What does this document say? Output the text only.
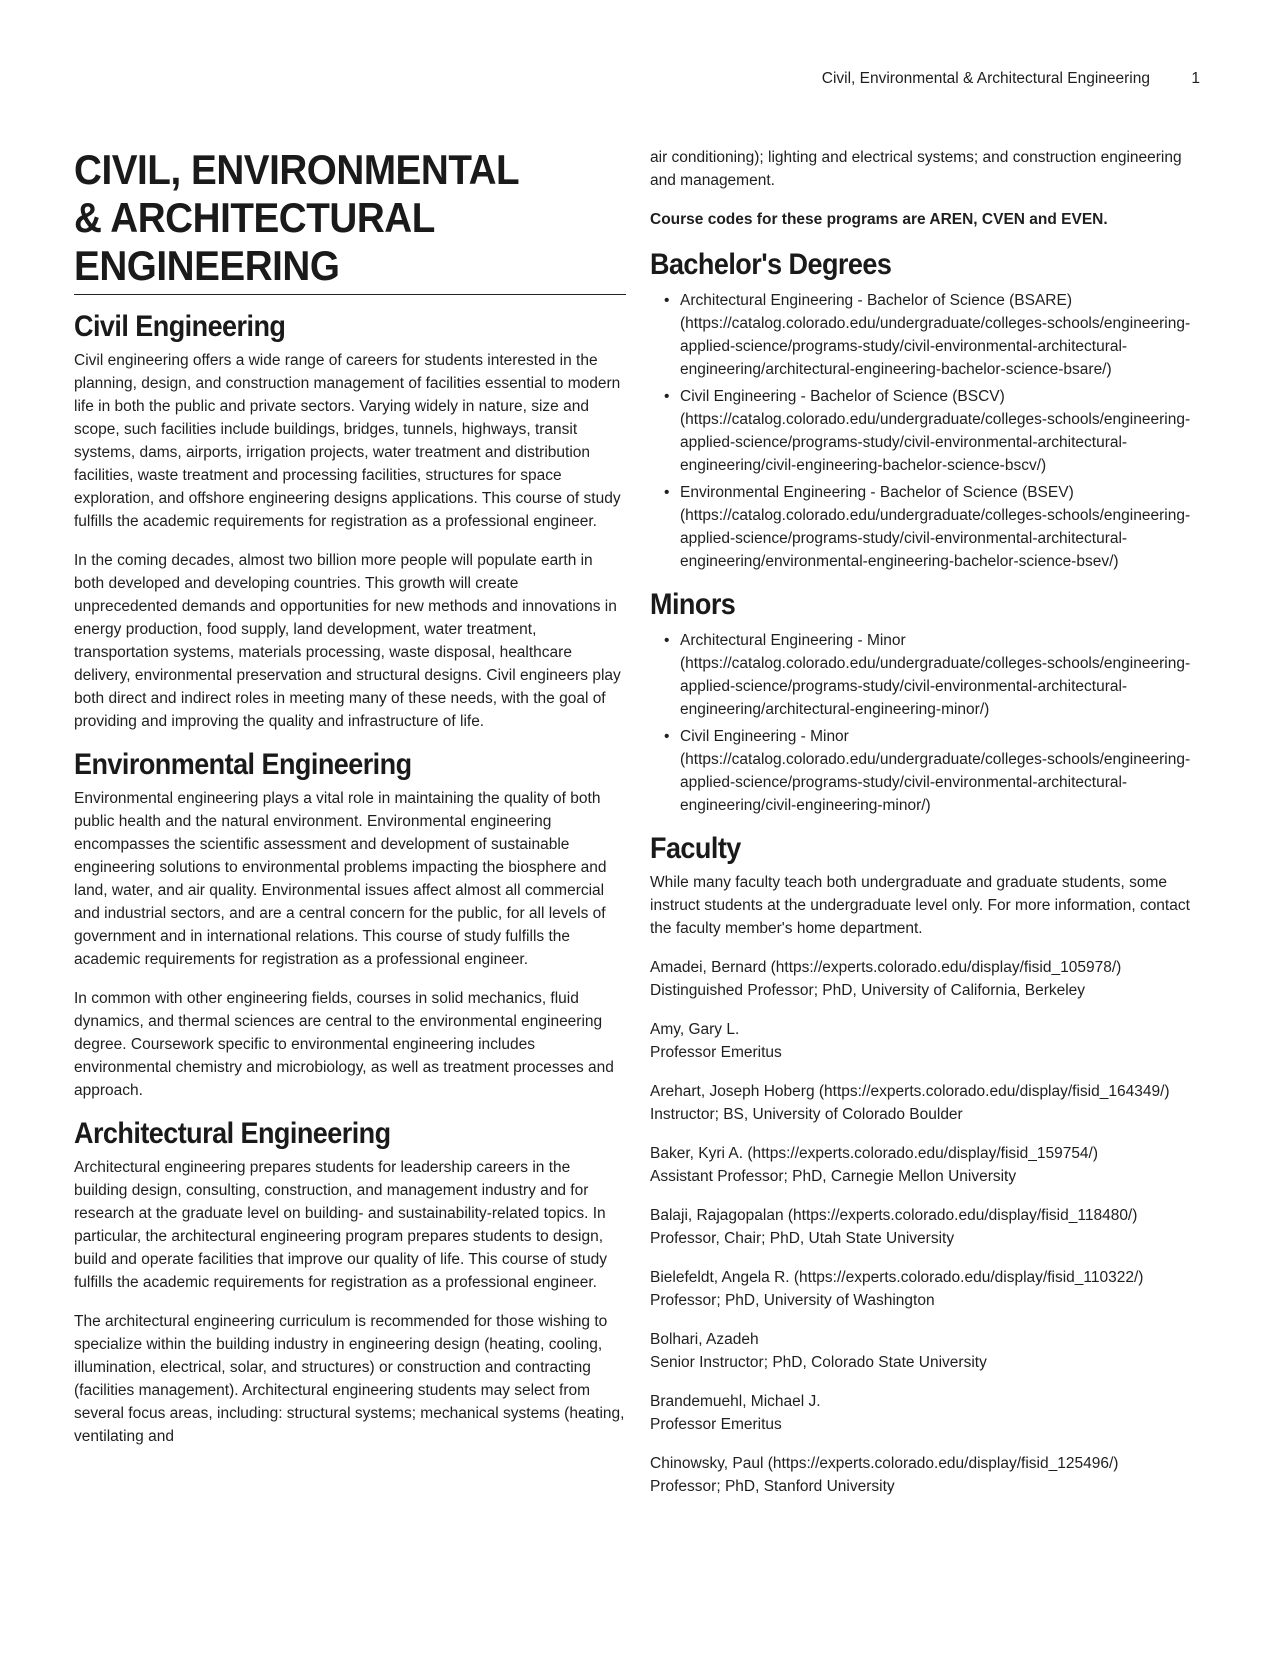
Civil, Environmental & Architectural Engineering	1
CIVIL, ENVIRONMENTAL
& ARCHITECTURAL
ENGINEERING
Civil Engineering

Civil engineering offers a wide range of careers for students interested in the planning, design, and construction management of facilities essential to modern life in both the public and private sectors. Varying widely in nature, size and scope, such facilities include buildings, bridges, tunnels, highways, transit systems, dams, airports, irrigation projects, water treatment and distribution facilities, waste treatment and processing facilities, structures for space exploration, and offshore engineering designs applications. This course of study fulfills the academic requirements for registration as a professional engineer.

In the coming decades, almost two billion more people will populate earth in both developed and developing countries. This growth will create unprecedented demands and opportunities for new methods and innovations in energy production, food supply, land development, water treatment, transportation systems, materials processing, waste disposal, healthcare delivery, environmental preservation and structural designs. Civil engineers play both direct and indirect roles in meeting many of these needs, with the goal of providing and improving the quality and infrastructure of life.

Environmental Engineering

Environmental engineering plays a vital role in maintaining the quality of both public health and the natural environment. Environmental engineering encompasses the scientific assessment and development of sustainable engineering solutions to environmental problems impacting the biosphere and land, water, and air quality. Environmental issues affect almost all commercial and industrial sectors, and are a central concern for the public, for all levels of government and in international relations. This course of study fulfills the academic requirements for registration as a professional engineer.

In common with other engineering fields, courses in solid mechanics, fluid dynamics, and thermal sciences are central to the environmental engineering degree. Coursework specific to environmental engineering includes environmental chemistry and microbiology, as well as treatment processes and approach.

Architectural Engineering

Architectural engineering prepares students for leadership careers in the building design, consulting, construction, and management industry and for research at the graduate level on building- and sustainability-related topics. In particular, the architectural engineering program prepares students to design, build and operate facilities that improve our quality of life. This course of study fulfills the academic requirements for registration as a professional engineer.

The architectural engineering curriculum is recommended for those wishing to specialize within the building industry in engineering design (heating, cooling, illumination, electrical, solar, and structures) or construction and contracting (facilities management). Architectural engineering students may select from several focus areas, including: structural systems; mechanical systems (heating, ventilating and

air conditioning); lighting and electrical systems; and construction engineering and management.

Course codes for these programs are AREN, CVEN and EVEN.

Bachelor's Degrees
• Architectural Engineering - Bachelor of Science (BSARE) (https://catalog.colorado.edu/undergraduate/colleges-schools/engineering-applied-science/programs-study/civil-environmental-architectural-engineering/architectural-engineering-bachelor-science-bsare/)
• Civil Engineering - Bachelor of Science (BSCV) (https://catalog.colorado.edu/undergraduate/colleges-schools/engineering-applied-science/programs-study/civil-environmental-architectural-engineering/civil-engineering-bachelor-science-bscv/)
• Environmental Engineering - Bachelor of Science (BSEV) (https://catalog.colorado.edu/undergraduate/colleges-schools/engineering-applied-science/programs-study/civil-environmental-architectural-engineering/environmental-engineering-bachelor-science-bsev/)
Minors
• Architectural Engineering - Minor (https://catalog.colorado.edu/undergraduate/colleges-schools/engineering-applied-science/programs-study/civil-environmental-architectural-engineering/architectural-engineering-minor/)
• Civil Engineering - Minor (https://catalog.colorado.edu/undergraduate/colleges-schools/engineering-applied-science/programs-study/civil-environmental-architectural-engineering/civil-engineering-minor/)
Faculty

While many faculty teach both undergraduate and graduate students, some instruct students at the undergraduate level only. For more information, contact the faculty member's home department.

Amadei, Bernard (https://experts.colorado.edu/display/fisid_105978/)
Distinguished Professor; PhD, University of California, Berkeley
Amy, Gary L.
Professor Emeritus
Arehart, Joseph Hoberg (https://experts.colorado.edu/display/fisid_164349/)
Instructor; BS, University of Colorado Boulder
Baker, Kyri A. (https://experts.colorado.edu/display/fisid_159754/)
Assistant Professor; PhD, Carnegie Mellon University
Balaji, Rajagopalan (https://experts.colorado.edu/display/fisid_118480/)
Professor, Chair; PhD, Utah State University
Bielefeldt, Angela R. (https://experts.colorado.edu/display/fisid_110322/)
Professor; PhD, University of Washington
Bolhari, Azadeh
Senior Instructor; PhD, Colorado State University
Brandemuehl, Michael J.
Professor Emeritus
Chinowsky, Paul (https://experts.colorado.edu/display/fisid_125496/)
Professor; PhD, Stanford University
